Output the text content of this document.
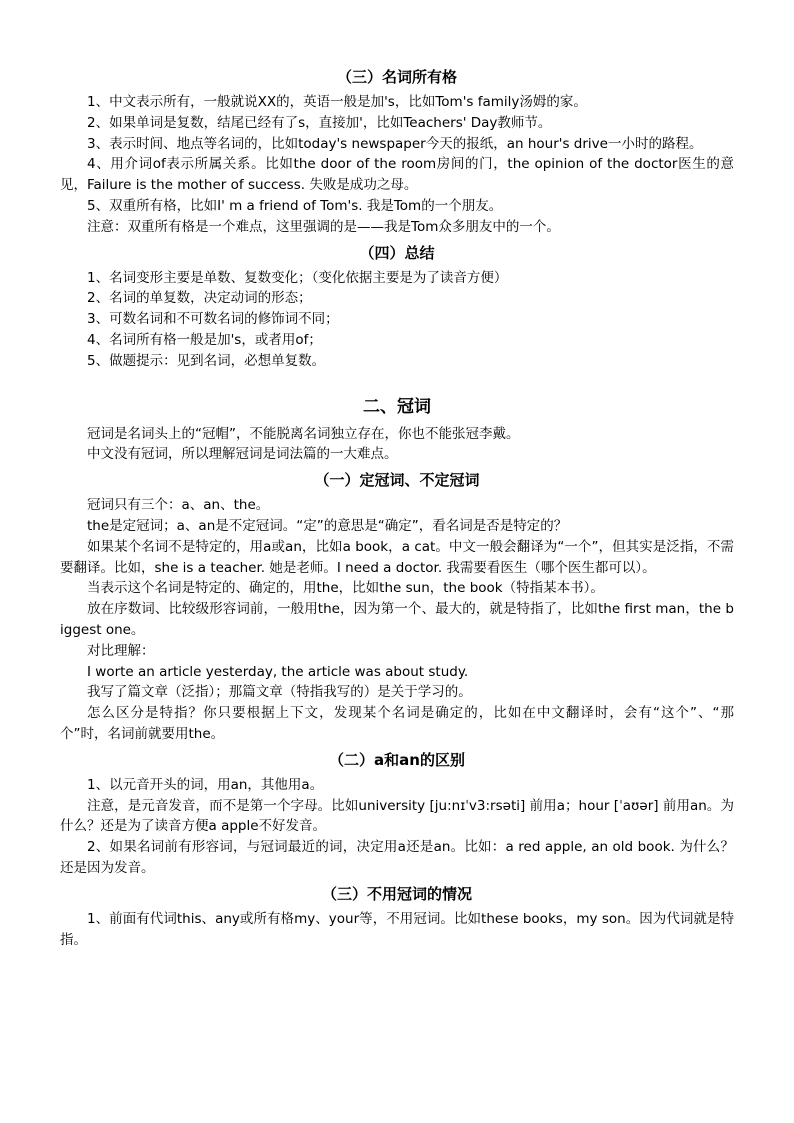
（三）名词所有格

1、中文表示所有，一般就说XX的，英语一般是加's，比如Tom's family汤姆的家。

2、如果单词是复数，结尾已经有了s，直接加'，比如Teachers' Day教师节。

3、表示时间、地点等名词的，比如today's newspaper今天的报纸，an hour's drive一小时的路程。

4、用介词of表示所属关系。比如the door of the room房间的门，the opinion of the doctor医生的意见，Failure is the mother of success. 失败是成功之母。

5、双重所有格，比如I' m a friend of Tom's. 我是Tom的一个朋友。

注意：双重所有格是一个难点，这里强调的是——我是Tom众多朋友中的一个。

（四）总结

1、名词变形主要是单数、复数变化；（变化依据主要是为了读音方便）

2、名词的单复数，决定动词的形态；

3、可数名词和不可数名词的修饰词不同；

4、名词所有格一般是加's，或者用of；

5、做题提示：见到名词，必想单复数。

二、冠词

冠词是名词头上的“冠帽”，不能脱离名词独立存在，你也不能张冠李戴。

中文没有冠词，所以理解冠词是词法篇的一大难点。

（一）定冠词、不定冠词

冠词只有三个：a、an、the。

the是定冠词；a、an是不定冠词。“定”的意思是“确定”，看名词是否是特定的？

如果某个名词不是特定的，用a或an，比如a book，a cat。中文一般会翻译为“一个”，但其实是泛指，不需要翻译。比如，she is a teacher. 她是老师。I need a doctor. 我需要看医生（哪个医生都可以）。

当表示这个名词是特定的、确定的，用the，比如the sun，the book（特指某本书）。

放在序数词、比较级形容词前，一般用the，因为第一个、最大的，就是特指了，比如the first man，the biggest one。

对比理解：

I worte an article yesterday, the article was about study.

我写了篇文章（泛指）；那篇文章（特指我写的）是关于学习的。

怎么区分是特指？你只要根据上下文，发现某个名词是确定的，比如在中文翻译时，会有“这个”、“那个”时，名词前就要用the。

（二）a和an的区别

1、以元音开头的词，用an，其他用a。

注意，是元音发音，而不是第一个字母。比如university [ju:nɪˈv3:rsəti] 前用a；hour [ˈaʊər] 前用an。为什么？还是为了读音方便a apple不好发音。

2、如果名词前有形容词，与冠词最近的词，决定用a还是an。比如：a red apple, an old book. 为什么？还是因为发音。

（三）不用冠词的情况

1、前面有代词this、any或所有格my、your等，不用冠词。比如these books，my son。因为代词就是特指。
